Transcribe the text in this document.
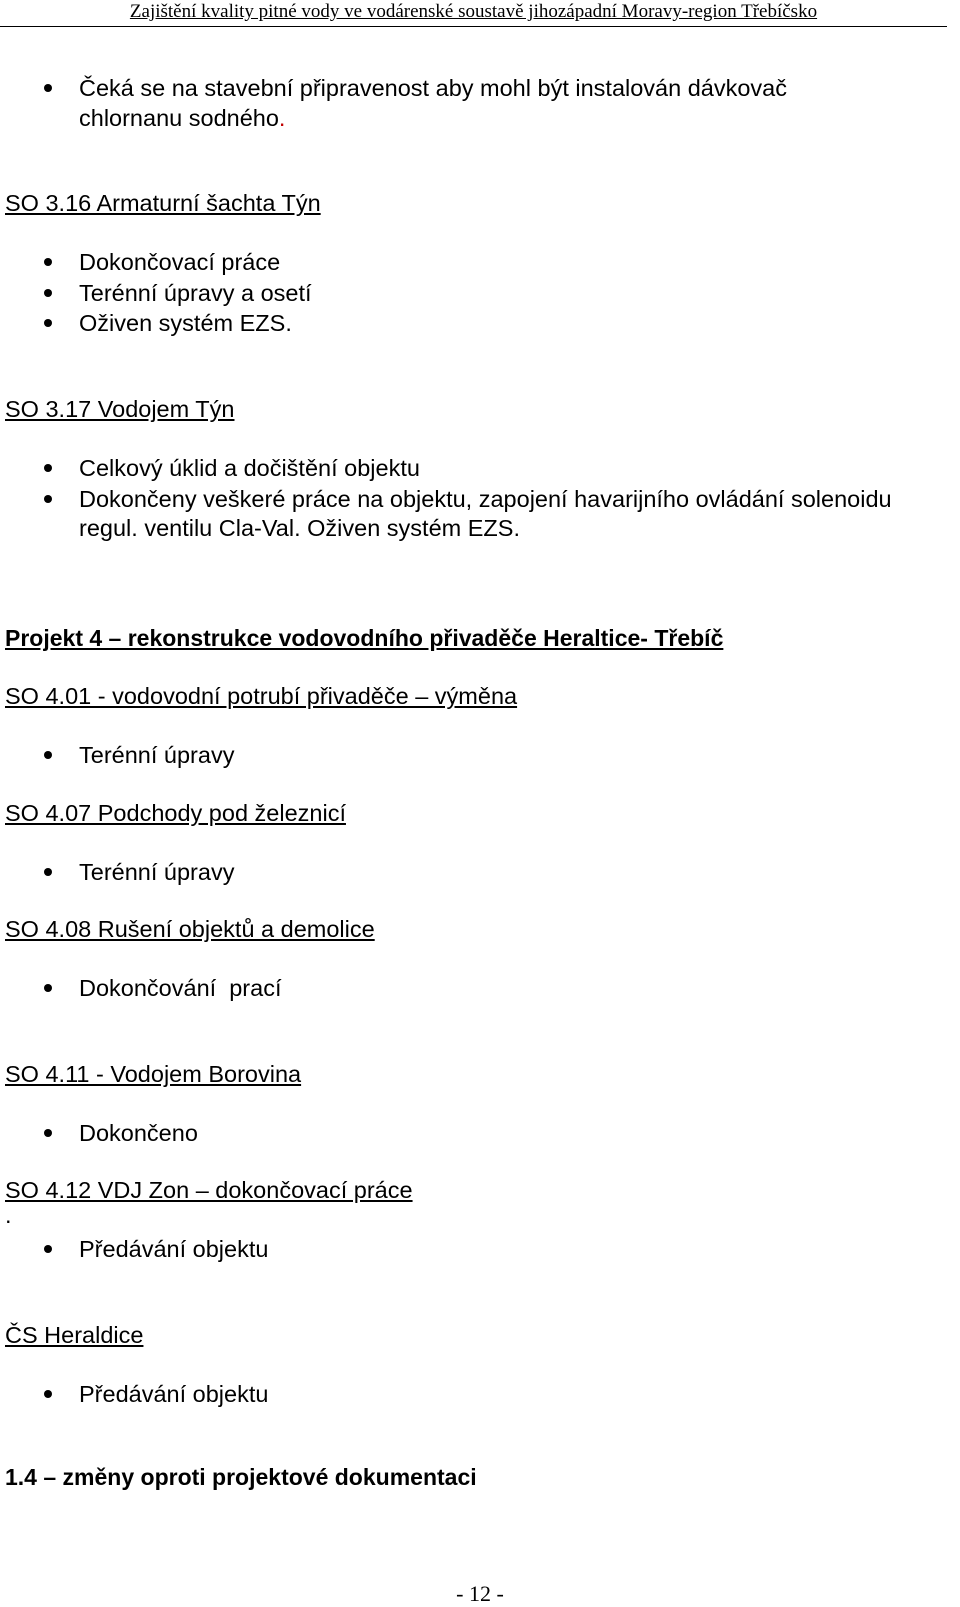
Zajištění kvality pitné vody ve vodárenské soustavě jihozápadní Moravy-region Třebíčsko
Čeká se na stavební připravenost aby mohl být instalován dávkovač
chlornanu sodného.
SO 3.16 Armaturní šachta Týn
Dokončovací práce
Terénní úpravy a osetí
Oživen systém EZS.
SO 3.17 Vodojem Týn
Celkový úklid a dočištění objektu
Dokončeny veškeré práce na objektu, zapojení havarijního ovládání solenoidu
regul. ventilu Cla-Val. Oživen systém EZS.
Projekt 4 – rekonstrukce vodovodního přivaděče Heraltice- Třebíč
SO 4.01 - vodovodní potrubí přivaděče – výměna
Terénní úpravy
SO 4.07 Podchody pod železnicí
Terénní úpravy
SO 4.08 Rušení objektů a demolice
Dokončování  prací
SO 4.11 - Vodojem Borovina
Dokončeno
SO 4.12 VDJ Zon – dokončovací práce
.
Předávání objektu
ČS Heraldice
Předávání objektu
1.4 – změny oproti projektové dokumentaci
- 12 -
